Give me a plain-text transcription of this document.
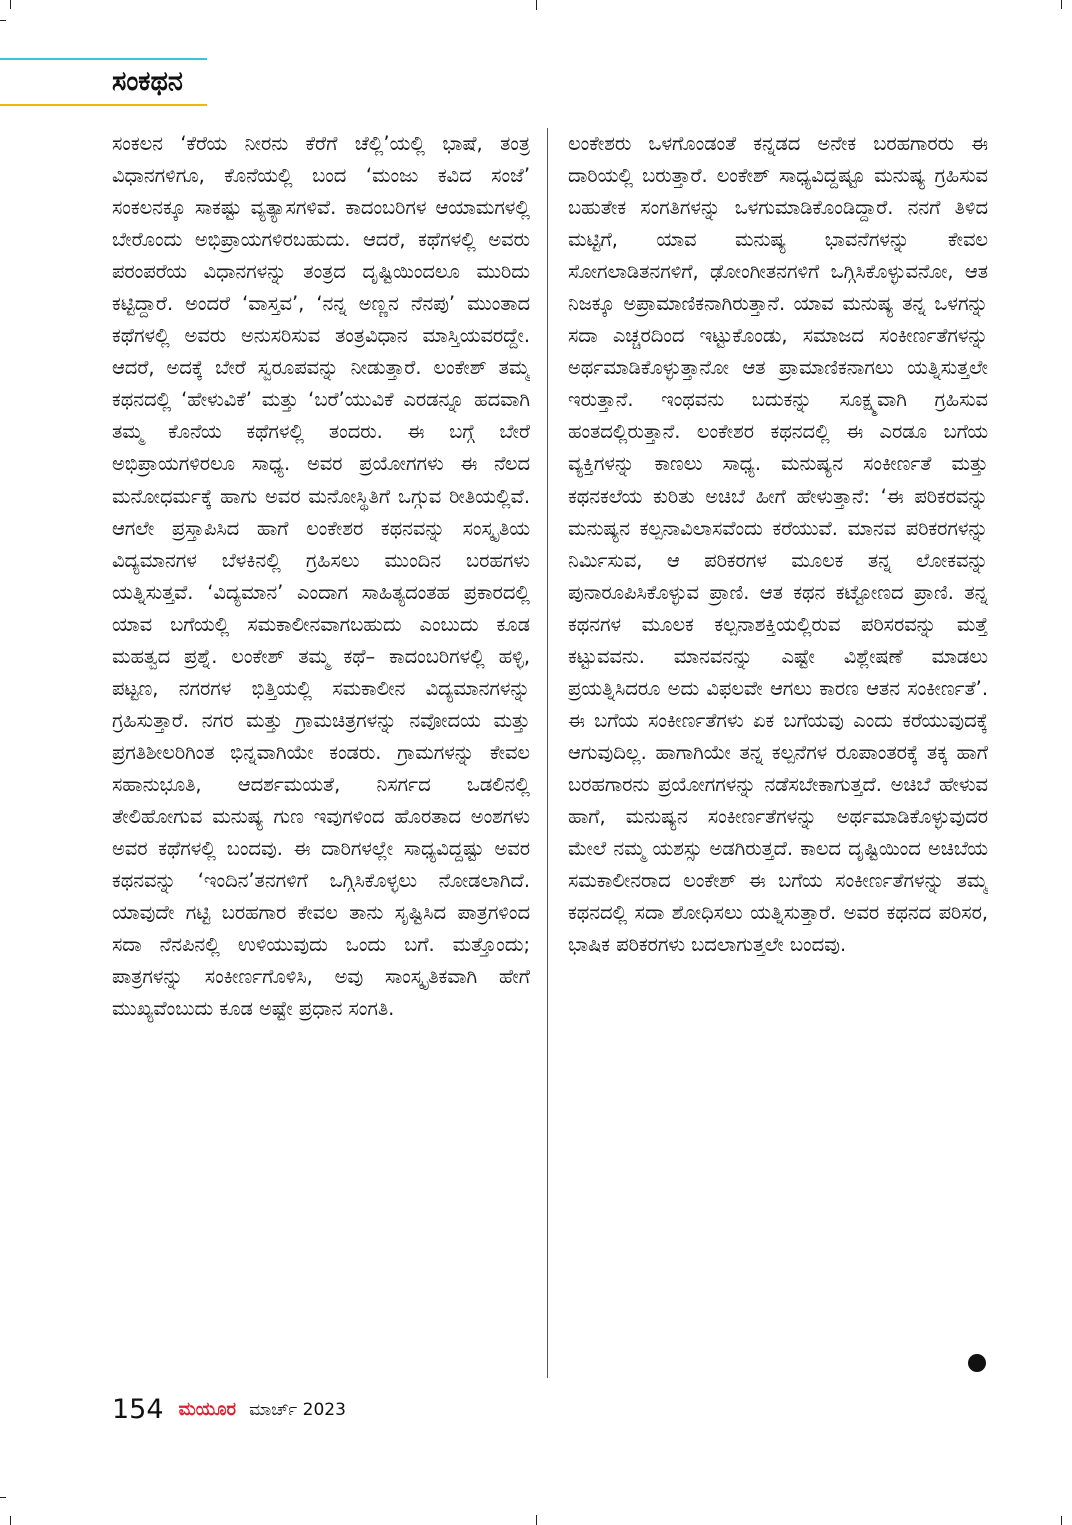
ಸಂಕಥನ

ಸಂಕಲನ ‘ಕೆರೆಯ ನೀರನು ಕೆರೆಗೆ ಚೆಲ್ಲಿ’ಯಲ್ಲಿ ಭಾಷೆ, ತಂತ್ರ ವಿಧಾನಗಳಿಗೂ, ಕೊನೆಯಲ್ಲಿ ಬಂದ ‘ಮಂಜು ಕವಿದ ಸಂಜೆ’ ಸಂಕಲನಕ್ಕೂ ಸಾಕಷ್ಟು ವ್ಯತ್ಯಾಸಗಳಿವೆ. ಕಾದಂಬರಿಗಳ ಆಯಾಮಗಳಲ್ಲಿ ಬೇರೊಂದು ಅಭಿಪ್ರಾಯಗಳಿರಬಹುದು. ಆದರೆ, ಕಥೆಗಳಲ್ಲಿ ಅವರು ಪರಂಪರೆಯ ವಿಧಾನಗಳನ್ನು ತಂತ್ರದ ದೃಷ್ಟಿಯಿಂದಲೂ ಮುರಿದು ಕಟ್ಟಿದ್ದಾರೆ. ಅಂದರೆ ‘ವಾಸ್ತವ’, ‘ನನ್ನ ಅಣ್ಣನ ನೆನಪು’ ಮುಂತಾದ ಕಥೆಗಳಲ್ಲಿ ಅವರು ಅನುಸರಿಸುವ ತಂತ್ರವಿಧಾನ ಮಾಸ್ತಿಯವರದ್ದೇ. ಆದರೆ, ಅದಕ್ಕೆ ಬೇರೆ ಸ್ವರೂಪವನ್ನು ನೀಡುತ್ತಾರೆ. ಲಂಕೇಶ್ ತಮ್ಮ ಕಥನದಲ್ಲಿ ‘ಹೇಳುವಿಕೆ’ ಮತ್ತು ‘ಬರೆ’ಯುವಿಕೆ ಎರಡನ್ನೂ ಹದವಾಗಿ ತಮ್ಮ ಕೊನೆಯ ಕಥೆಗಳಲ್ಲಿ ತಂದರು. ಈ ಬಗ್ಗೆ ಬೇರೆ ಅಭಿಪ್ರಾಯಗಳಿರಲೂ ಸಾಧ್ಯ. ಅವರ ಪ್ರಯೋಗಗಳು ಈ ನೆಲದ ಮನೋಧರ್ಮಕ್ಕೆ ಹಾಗು ಅವರ ಮನೋಸ್ಥಿತಿಗೆ ಒಗ್ಗುವ ರೀತಿಯಲ್ಲಿವೆ. ಆಗಲೇ ಪ್ರಸ್ತಾಪಿಸಿದ ಹಾಗೆ ಲಂಕೇಶರ ಕಥನವನ್ನು ಸಂಸ್ಕೃತಿಯ ವಿದ್ಯಮಾನಗಳ ಬೆಳಕಿನಲ್ಲಿ ಗ್ರಹಿಸಲು ಮುಂದಿನ ಬರಹಗಳು ಯತ್ನಿಸುತ್ತವೆ. ‘ವಿದ್ಯಮಾನ’ ಎಂದಾಗ ಸಾಹಿತ್ಯದಂತಹ ಪ್ರಕಾರದಲ್ಲಿ ಯಾವ ಬಗೆಯಲ್ಲಿ ಸಮಕಾಲೀನವಾಗಬಹುದು ಎಂಬುದು ಕೂಡ ಮಹತ್ವದ ಪ್ರಶ್ನೆ. ಲಂಕೇಶ್ ತಮ್ಮ ಕಥೆ– ಕಾದಂಬರಿಗಳಲ್ಲಿ ಹಳ್ಳಿ, ಪಟ್ಟಣ, ನಗರಗಳ ಭಿತ್ತಿಯಲ್ಲಿ ಸಮಕಾಲೀನ ವಿದ್ಯಮಾನಗಳನ್ನು ಗ್ರಹಿಸುತ್ತಾರೆ. ನಗರ ಮತ್ತು ಗ್ರಾಮಚಿತ್ರಗಳನ್ನು ನವೋದಯ ಮತ್ತು ಪ್ರಗತಿಶೀಲರಿಗಿಂತ ಭಿನ್ನವಾಗಿಯೇ ಕಂಡರು. ಗ್ರಾಮಗಳನ್ನು ಕೇವಲ ಸಹಾನುಭೂತಿ, ಆದರ್ಶಮಯತೆ, ನಿಸರ್ಗದ ಒಡಲಿನಲ್ಲಿ ತೇಲಿಹೋಗುವ ಮನುಷ್ಯ ಗುಣ ಇವುಗಳಿಂದ ಹೊರತಾದ ಅಂಶಗಳು ಅವರ ಕಥೆಗಳಲ್ಲಿ ಬಂದವು. ಈ ದಾರಿಗಳಲ್ಲೇ ಸಾಧ್ಯವಿದ್ದಷ್ಟು ಅವರ ಕಥನವನ್ನು ‘ಇಂದಿನ’ತನಗಳಿಗೆ ಒಗ್ಗಿಸಿಕೊಳ್ಳಲು ನೋಡಲಾಗಿದೆ. ಯಾವುದೇ ಗಟ್ಟಿ ಬರಹಗಾರ ಕೇವಲ ತಾನು ಸೃಷ್ಟಿಸಿದ ಪಾತ್ರಗಳಿಂದ ಸದಾ ನೆನಪಿನಲ್ಲಿ ಉಳಿಯುವುದು ಒಂದು ಬಗೆ. ಮತ್ತೊಂದು; ಪಾತ್ರಗಳನ್ನು ಸಂಕೀರ್ಣಗೊಳಿಸಿ, ಅವು ಸಾಂಸ್ಕೃತಿಕವಾಗಿ ಹೇಗೆ ಮುಖ್ಯವೆಂಬುದು ಕೂಡ ಅಷ್ಟೇ ಪ್ರಧಾನ ಸಂಗತಿ.

ಲಂಕೇಶರು ಒಳಗೊಂಡಂತೆ ಕನ್ನಡದ ಅನೇಕ ಬರಹಗಾರರು ಈ ದಾರಿಯಲ್ಲಿ ಬರುತ್ತಾರೆ. ಲಂಕೇಶ್ ಸಾಧ್ಯವಿದ್ದಷ್ಟೂ ಮನುಷ್ಯ ಗ್ರಹಿಸುವ ಬಹುತೇಕ ಸಂಗತಿಗಳನ್ನು ಒಳಗುಮಾಡಿಕೊಂಡಿದ್ದಾರೆ. ನನಗೆ ತಿಳಿದ ಮಟ್ಟಿಗೆ, ಯಾವ ಮನುಷ್ಯ ಭಾವನೆಗಳನ್ನು ಕೇವಲ ಸೋಗಲಾಡಿತನಗಳಿಗೆ, ಢೋಂಗೀತನಗಳಿಗೆ ಒಗ್ಗಿಸಿಕೊಳ್ಳುವನೋ, ಆತ ನಿಜಕ್ಕೂ ಅಪ್ರಾಮಾಣಿಕನಾಗಿರುತ್ತಾನೆ. ಯಾವ ಮನುಷ್ಯ ತನ್ನ ಒಳಗನ್ನು ಸದಾ ಎಚ್ಚರದಿಂದ ಇಟ್ಟುಕೊಂಡು, ಸಮಾಜದ ಸಂಕೀರ್ಣತೆಗಳನ್ನು ಅರ್ಥಮಾಡಿಕೊಳ್ಳುತ್ತಾನೋ ಆತ ಪ್ರಾಮಾಣಿಕನಾಗಲು ಯತ್ನಿಸುತ್ತಲೇ ಇರುತ್ತಾನೆ. ಇಂಥವನು ಬದುಕನ್ನು ಸೂಕ್ಷ್ಮವಾಗಿ ಗ್ರಹಿಸುವ ಹಂತದಲ್ಲಿರುತ್ತಾನೆ. ಲಂಕೇಶರ ಕಥನದಲ್ಲಿ ಈ ಎರಡೂ ಬಗೆಯ ವ್ಯಕ್ತಿಗಳನ್ನು ಕಾಣಲು ಸಾಧ್ಯ. ಮನುಷ್ಯನ ಸಂಕೀರ್ಣತೆ ಮತ್ತು ಕಥನಕಲೆಯ ಕುರಿತು ಅಚಿಬೆ ಹೀಗೆ ಹೇಳುತ್ತಾನೆ: ‘ಈ ಪರಿಕರವನ್ನು ಮನುಷ್ಯನ ಕಲ್ಪನಾವಿಲಾಸವೆಂದು ಕರೆಯುವೆ. ಮಾನವ ಪರಿಕರಗಳನ್ನು ನಿರ್ಮಿಸುವ, ಆ ಪರಿಕರಗಳ ಮೂಲಕ ತನ್ನ ಲೋಕವನ್ನು ಪುನಾರೂಪಿಸಿಕೊಳ್ಳುವ ಪ್ರಾಣಿ. ಆತ ಕಥನ ಕಟ್ಟೋಣದ ಪ್ರಾಣಿ. ತನ್ನ ಕಥನಗಳ ಮೂಲಕ ಕಲ್ಪನಾಶಕ್ತಿಯಲ್ಲಿರುವ ಪರಿಸರವನ್ನು ಮತ್ತೆ ಕಟ್ಟುವವನು. ಮಾನವನನ್ನು ಎಷ್ಟೇ ವಿಶ್ಲೇಷಣೆ ಮಾಡಲು ಪ್ರಯತ್ನಿಸಿದರೂ ಅದು ವಿಫಲವೇ ಆಗಲು ಕಾರಣ ಆತನ ಸಂಕೀರ್ಣತೆ’. ಈ ಬಗೆಯ ಸಂಕೀರ್ಣತೆಗಳು ಏಕ ಬಗೆಯವು ಎಂದು ಕರೆಯುವುದಕ್ಕೆ ಆಗುವುದಿಲ್ಲ. ಹಾಗಾಗಿಯೇ ತನ್ನ ಕಲ್ಪನೆಗಳ ರೂಪಾಂತರಕ್ಕೆ ತಕ್ಕ ಹಾಗೆ ಬರಹಗಾರನು ಪ್ರಯೋಗಗಳನ್ನು ನಡೆಸಬೇಕಾಗುತ್ತದೆ. ಅಚಿಬೆ ಹೇಳುವ ಹಾಗೆ, ಮನುಷ್ಯನ ಸಂಕೀರ್ಣತೆಗಳನ್ನು ಅರ್ಥಮಾಡಿಕೊಳ್ಳುವುದರ ಮೇಲೆ ನಮ್ಮ ಯಶಸ್ಸು ಅಡಗಿರುತ್ತದೆ. ಕಾಲದ ದೃಷ್ಟಿಯಿಂದ ಅಚಿಬೆಯ ಸಮಕಾಲೀನರಾದ ಲಂಕೇಶ್ ಈ ಬಗೆಯ ಸಂಕೀರ್ಣತೆಗಳನ್ನು ತಮ್ಮ ಕಥನದಲ್ಲಿ ಸದಾ ಶೋಧಿಸಲು ಯತ್ನಿಸುತ್ತಾರೆ. ಅವರ ಕಥನದ ಪರಿಸರ, ಭಾಷಿಕ ಪರಿಕರಗಳು ಬದಲಾಗುತ್ತಲೇ ಬಂದವು.

154 ಮಯೂರ ಮಾರ್ಚ್ 2023
